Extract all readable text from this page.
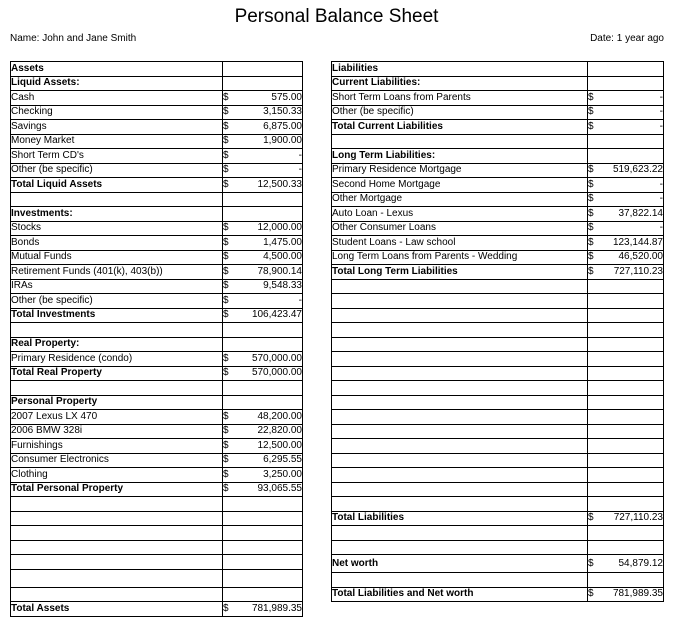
Personal Balance Sheet
Name: John and Jane Smith	Date: 1 year ago
Assets	
Liquid Assets:	
Cash	$ 575.00

Checking	$ 3,150.33

Savings	$ 6,875.00

Money Market	$ 1,900.00

Short Term CD's	$ -

Other (be specific)	$ -

Total Liquid Assets	$ 12,500.33

Investments:	
Stocks	$ 12,000.00

Bonds	$ 1,475.00

Mutual Funds	$ 4,500.00

Retirement Funds (401(k), 403(b))	$ 78,900.14

IRAs	$ 9,548.33

Other (be specific)	$ -

Total Investments	$ 106,423.47

Real Property:	
Primary Residence (condo)	$ 570,000.00

Total Real Property	$ 570,000.00

Personal Property	
2007 Lexus LX 470	$ 48,200.00

2006 BMW 328i	$ 22,820.00

Furnishings	$ 12,500.00

Consumer Electronics	$ 6,295.55

Clothing	$ 3,250.00

Total Personal Property	$ 93,065.55

Total Assets	$ 781,989.35
Liabilities	
Current Liabilities:	
Short Term Loans from Parents	$ -

Other (be specific)	$ -

Total Current Liabilities	$ -

Long Term Liabilities:	
Primary Residence Mortgage	$ 519,623.22

Second Home Mortgage	$ -

Other Mortgage	$ -

Auto Loan - Lexus	$ 37,822.14

Other Consumer Loans	$ -

Student Loans - Law school	$ 123,144.87

Long Term Loans from Parents - Wedding	$ 46,520.00

Total Long Term Liabilities	$ 727,110.23

Total Liabilities	$ 727,110.23

Net worth	$ 54,879.12

Total Liabilities and Net worth	$ 781,989.35
